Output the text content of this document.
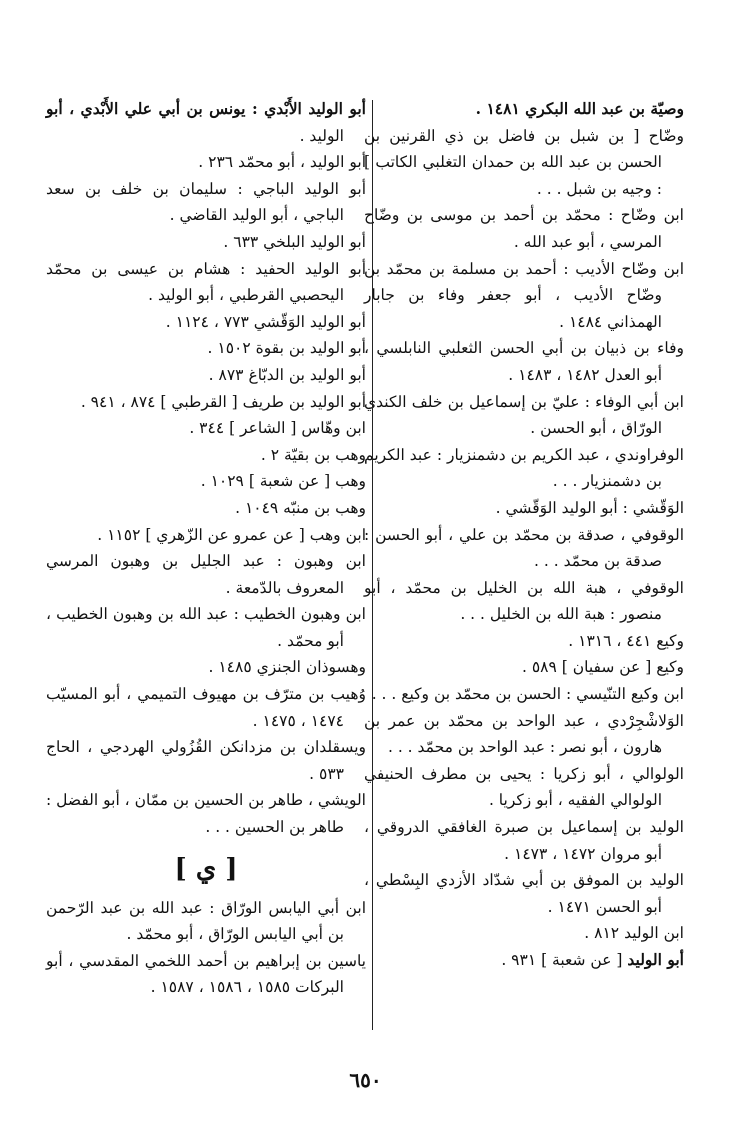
وصيّة بن عبد الله البكري ١٤٨١ .

وضّاح [ بن شبل بن فاضل بن ذي القرنين بن الحسن بن عبد الله بن حمدان التغلبي الكاتب ] : وجيه بن شبل . . .

ابن وضّاح : محمّد بن أحمد بن موسى بن وضّاح المرسي ، أبو عبد الله .

ابن وضّاح الأديب : أحمد بن مسلمة بن محمّد بن وضّاح الأديب ، أبو جعفر وفاء بن جابار الهمذاني ١٤٨٤ .

وفاء بن ذبيان بن أبي الحسن الثعلبي النابلسي ، أبو العدل ١٤٨٢ ، ١٤٨٣ .

ابن أبي الوفاء : عليّ بن إسماعيل بن خلف الكندي الورّاق ، أبو الحسن .

الوفراوندي ، عبد الكريم بن دشمنزيار : عبد الكريم بن دشمنزيار . . .

الوَقّشي : أبو الوليد الوَقّشي .

الوقوفي ، صدقة بن محمّد بن علي ، أبو الحسن : صدقة بن محمّد . . .

الوقوفي ، هبة الله بن الخليل بن محمّد ، أبو منصور : هبة الله بن الخليل . . .

وكيع ٤٤١ ، ١٣١٦ .

وكيع [ عن سفيان ] ٥٨٩ .

ابن وكيع التنّيسي : الحسن بن محمّد بن وكيع . . .

الوَلاشْجِرْدي ، عبد الواحد بن محمّد بن عمر بن هارون ، أبو نصر : عبد الواحد بن محمّد . . .

الولوالي ، أبو زكريا : يحيى بن مطرف الحنيفي الولوالي الفقيه ، أبو زكريا .

الوليد بن إسماعيل بن صبرة الغافقي الدروقي ، أبو مروان ١٤٧٢ ، ١٤٧٣ .

الوليد بن الموفق بن أبي شدّاد الأزدي البِسْطي ، أبو الحسن ١٤٧١ .

ابن الوليد ٨١٢ .

أبو الوليد [ عن شعبة ] ٩٣١ .

أبو الوليد الأَبْدي : يونس بن أبي علي الأَبْدي ، أبو الوليد .

أبو الوليد ، أبو محمّد ٢٣٦ .

أبو الوليد الباجي : سليمان بن خلف بن سعد الباجي ، أبو الوليد القاضي .

أبو الوليد البلخي ٦٣٣ .

أبو الوليد الحفيد : هشام بن عيسى بن محمّد اليحصبي القرطبي ، أبو الوليد .

أبو الوليد الوَقّشي ٧٧٣ ، ١١٢٤ .

أبو الوليد بن بقوة ١٥٠٢ .

أبو الوليد بن الدبّاغ ٨٧٣ .

أبو الوليد بن طريف [ القرطبي ] ٨٧٤ ، ٩٤١ .

ابن وهّاس [ الشاعر ] ٣٤٤ .

وهب بن بقيّة ٢ .

وهب [ عن شعبة ] ١٠٢٩ .

وهب بن منبّه ١٠٤٩ .

ابن وهب [ عن عمرو عن الزّهري ] ١١٥٢ .

ابن وهبون : عبد الجليل بن وهبون المرسي المعروف بالدّمعة .

ابن وهبون الخطيب : عبد الله بن وهبون الخطيب ، أبو محمّد .

وهسوذان الجنزي ١٤٨٥ .

وُهيب بن مترّف بن مهيوف التميمي ، أبو المسيّب ١٤٧٤ ، ١٤٧٥ .

ويسقلدان بن مزدانكن القُزُولي الهردجي ، الحاج ٥٣٣ .

الويشي ، طاهر بن الحسين بن ممّان ، أبو الفضل : طاهر بن الحسين . . .

[ ي ]

ابن أبي اليابس الورّاق : عبد الله بن عبد الرّحمن بن أبي اليابس الورّاق ، أبو محمّد .

ياسين بن إبراهيم بن أحمد اللخمي المقدسي ، أبو البركات ١٥٨٥ ، ١٥٨٦ ، ١٥٨٧ .

٦٥٠
